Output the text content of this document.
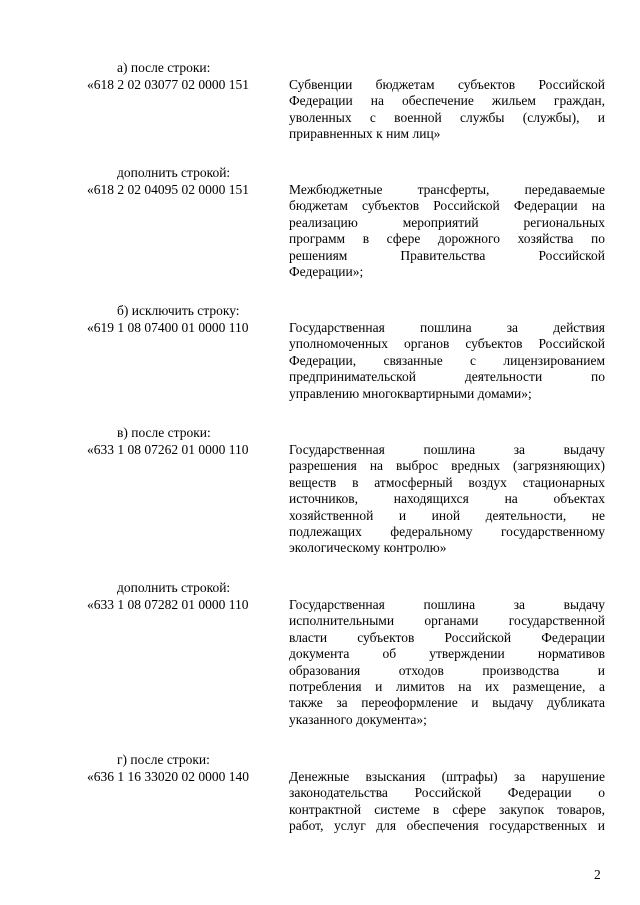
а) после строки:
«618 2 02 03077 02 0000 151	Субвенции бюджетам субъектов Российской
Федерации на обеспечение жильем граждан,
уволенных с военной службы (службы), и
приравненных к ним лиц»
дополнить строкой:
«618 2 02 04095 02 0000 151	Межбюджетные трансферты, передаваемые
бюджетам субъектов Российской Федерации на
реализацию мероприятий региональных
программ в сфере дорожного хозяйства по
решениям Правительства Российской
Федерации»;
б) исключить строку:
«619 1 08 07400 01 0000 110	Государственная пошлина за действия
уполномоченных органов субъектов Российской
Федерации, связанные с лицензированием
предпринимательской деятельности по
управлению многоквартирными домами»;
в) после строки:
«633 1 08 07262 01 0000 110	Государственная пошлина за выдачу
разрешения на выброс вредных (загрязняющих)
веществ в атмосферный воздух стационарных
источников, находящихся на объектах
хозяйственной и иной деятельности, не
подлежащих федеральному государственному
экологическому контролю»
дополнить строкой:
«633 1 08 07282 01 0000 110	Государственная пошлина за выдачу
исполнительными органами государственной
власти субъектов Российской Федерации
документа об утверждении нормативов
образования отходов производства и
потребления и лимитов на их размещение, а
также за переоформление и выдачу дубликата
указанного документа»;
г) после строки:
«636 1 16 33020 02 0000 140	Денежные взыскания (штрафы) за нарушение
законодательства Российской Федерации о
контрактной системе в сфере закупок товаров,
работ, услуг для обеспечения государственных и
2
